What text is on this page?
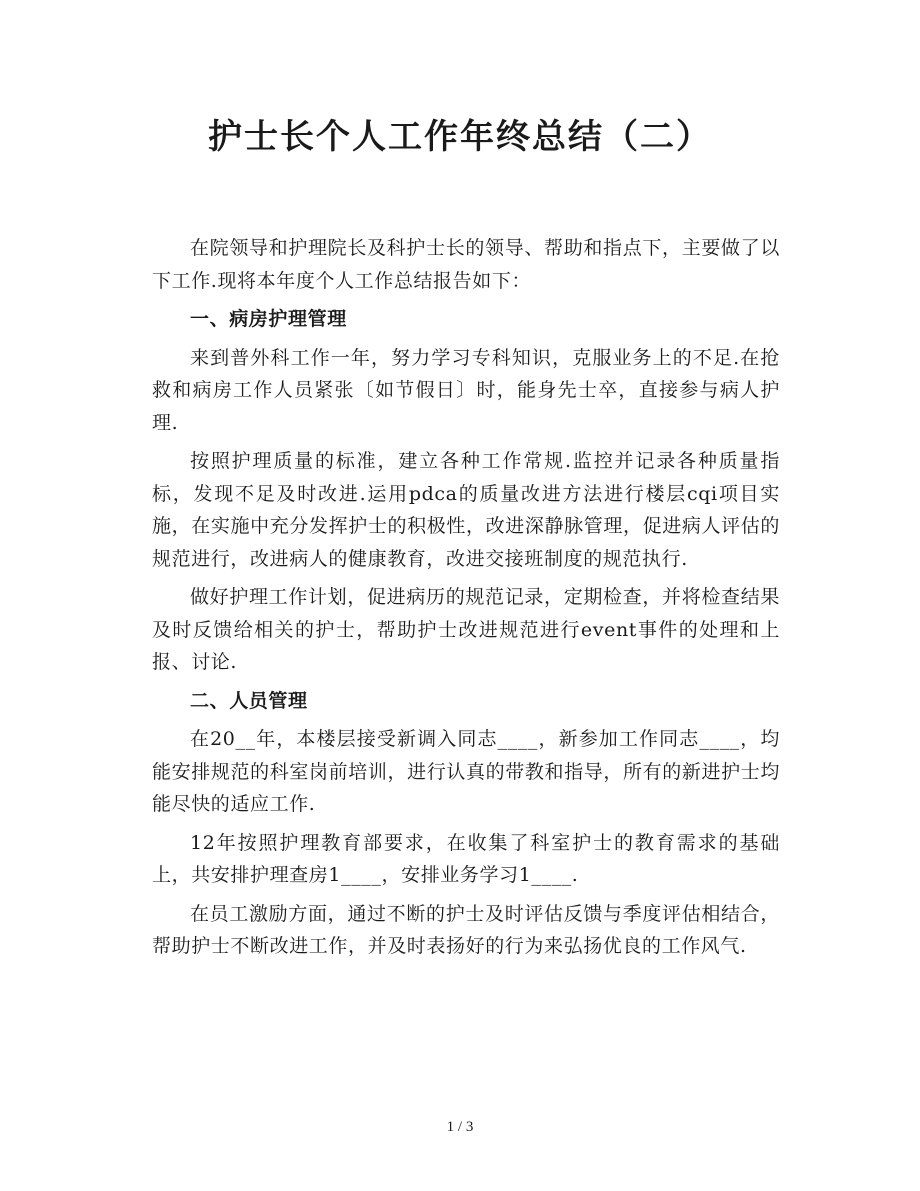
护士长个人工作年终总结（二）

在院领导和护理院长及科护士长的领导、帮助和指点下，主要做了以下工作.现将本年度个人工作总结报告如下：

一、病房护理管理

来到普外科工作一年，努力学习专科知识，克服业务上的不足.在抢救和病房工作人员紧张〔如节假日〕时，能身先士卒，直接参与病人护理.

按照护理质量的标准，建立各种工作常规.监控并记录各种质量指标，发现不足及时改进.运用pdca的质量改进方法进行楼层cqi项目实施，在实施中充分发挥护士的积极性，改进深静脉管理，促进病人评估的规范进行，改进病人的健康教育，改进交接班制度的规范执行.

做好护理工作计划，促进病历的规范记录，定期检查，并将检查结果及时反馈给相关的护士，帮助护士改进规范进行event事件的处理和上报、讨论.

二、人员管理

在20__年，本楼层接受新调入同志____，新参加工作同志____，均能安排规范的科室岗前培训，进行认真的带教和指导，所有的新进护士均能尽快的适应工作.

12年按照护理教育部要求，在收集了科室护士的教育需求的基础上，共安排护理查房1____，安排业务学习1____.

在员工激励方面，通过不断的护士及时评估反馈与季度评估相结合，帮助护士不断改进工作，并及时表扬好的行为来弘扬优良的工作风气.

1 / 3
